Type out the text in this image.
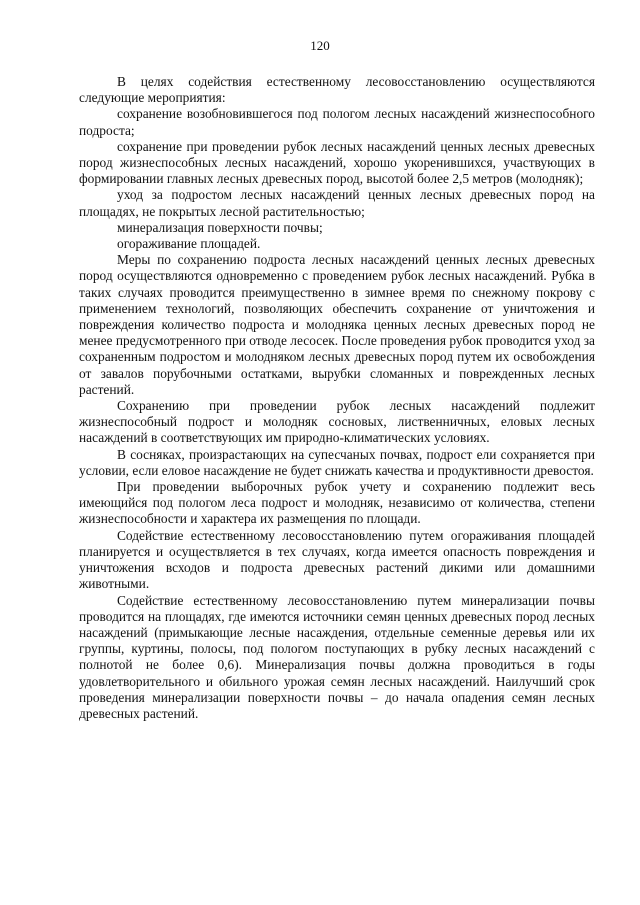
120

В целях содействия естественному лесовосстановлению осуществляются следующие мероприятия:

сохранение возобновившегося под пологом лесных насаждений жизнеспособного подроста;

сохранение при проведении рубок лесных насаждений ценных лесных древесных пород жизнеспособных лесных насаждений, хорошо укоренившихся, участвующих в формировании главных лесных древесных пород, высотой более 2,5 метров (молодняк);

уход за подростом лесных насаждений ценных лесных древесных пород на площадях, не покрытых лесной растительностью;

минерализация поверхности почвы;

огораживание площадей.

Меры по сохранению подроста лесных насаждений ценных лесных древесных пород осуществляются одновременно с проведением рубок лесных насаждений. Рубка в таких случаях проводится преимущественно в зимнее время по снежному покрову с применением технологий, позволяющих обеспечить сохранение от уничтожения и повреждения количество подроста и молодняка ценных лесных древесных пород не менее предусмотренного при отводе лесосек. После проведения рубок проводится уход за сохраненным подростом и молодняком лесных древесных пород путем их освобождения от завалов порубочными остатками, вырубки сломанных и поврежденных лесных растений.

Сохранению при проведении рубок лесных насаждений подлежит жизнеспособный подрост и молодняк сосновых, лиственничных, еловых лесных насаждений в соответствующих им природно-климатических условиях.

В сосняках, произрастающих на супесчаных почвах, подрост ели сохраняется при условии, если еловое насаждение не будет снижать качества и продуктивности древостоя.

При проведении выборочных рубок учету и сохранению подлежит весь имеющийся под пологом леса подрост и молодняк, независимо от количества, степени жизнеспособности и характера их размещения по площади.

Содействие естественному лесовосстановлению путем огораживания площадей планируется и осуществляется в тех случаях, когда имеется опасность повреждения и уничтожения всходов и подроста древесных растений дикими или домашними животными.

Содействие естественному лесовосстановлению путем минерализации почвы проводится на площадях, где имеются источники семян ценных древесных пород лесных насаждений (примыкающие лесные насаждения, отдельные семенные деревья или их группы, куртины, полосы, под пологом поступающих в рубку лесных насаждений с полнотой не более 0,6). Минерализация почвы должна проводиться в годы удовлетворительного и обильного урожая семян лесных насаждений. Наилучший срок проведения минерализации поверхности почвы – до начала опадения семян лесных древесных растений.
